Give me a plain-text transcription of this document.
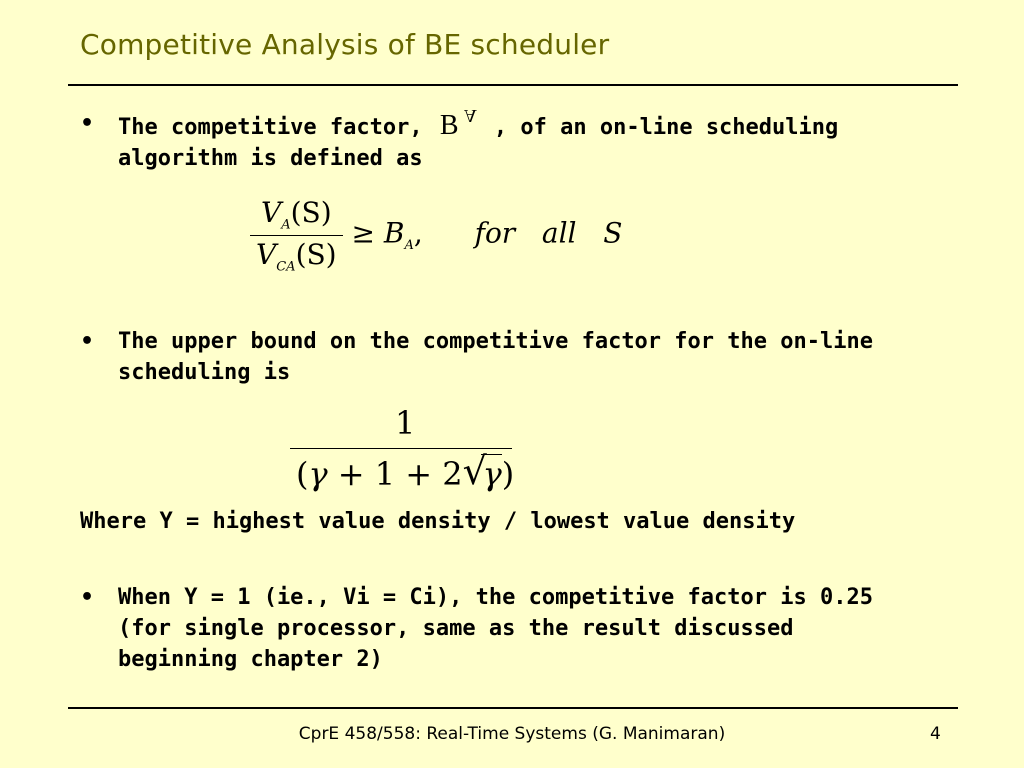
Competitive Analysis of BE scheduler
• The competitive factor, B A , of an on-line scheduling
algorithm is defined as
$\frac{V_A(S)}{V_{CA}(S)} \ge B_A$, for   all   S
• The upper bound on the competitive factor for the on-line
scheduling is
1
(γ + 1 + 2 √
γ)
Where Y = highest value density / lowest value density
• When Y = 1 (ie., Vi = Ci), the competitive factor is 0.25
(for single processor, same as the result discussed
beginning chapter 2)
CprE 458/558: Real-Time Systems (G. Manimaran)	4
